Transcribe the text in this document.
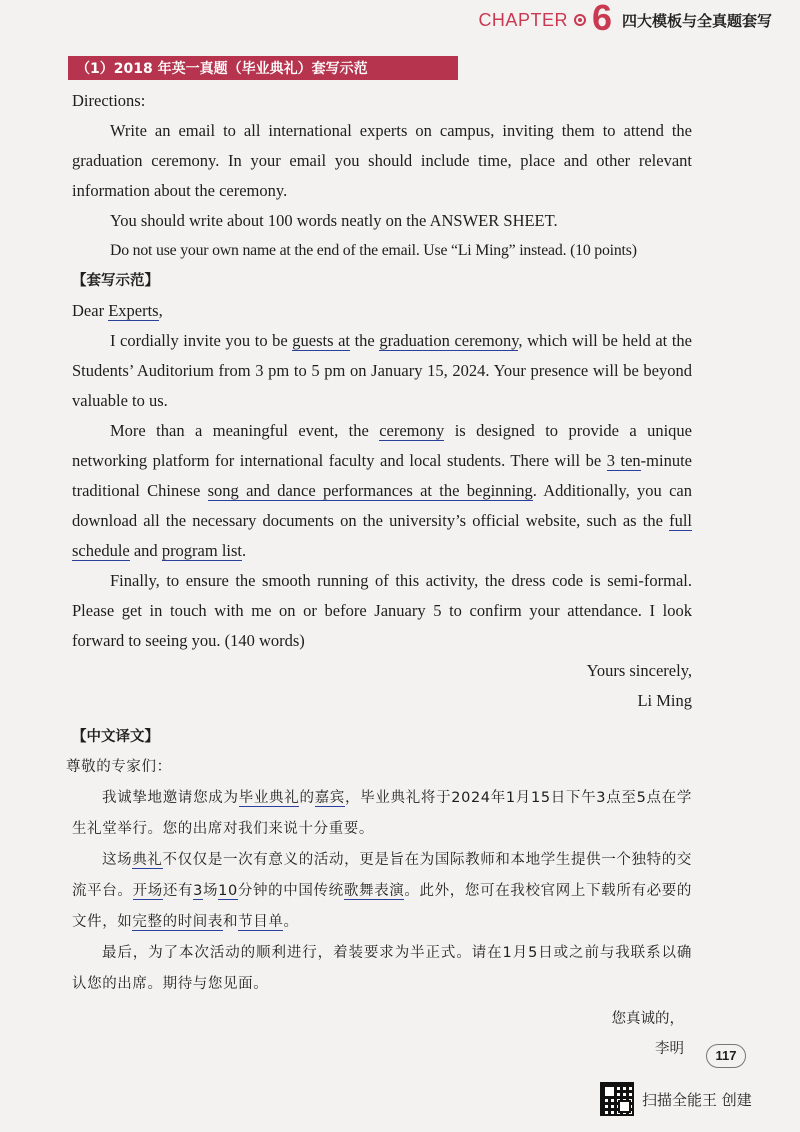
CHAPTER 6 四大模板与全真题套写
（1）2018 年英一真题（毕业典礼）套写示范

Directions:

Write an email to all international experts on campus, inviting them to attend the graduation ceremony. In your email you should include time, place and other relevant information about the ceremony.

You should write about 100 words neatly on the ANSWER SHEET.

Do not use your own name at the end of the email. Use “Li Ming” instead. (10 points)

【套写示范】

Dear Experts,

I cordially invite you to be guests at the graduation ceremony, which will be held at the Students’ Auditorium from 3 pm to 5 pm on January 15, 2024. Your presence will be beyond valuable to us.

More than a meaningful event, the ceremony is designed to provide a unique networking platform for international faculty and local students. There will be 3 ten-minute traditional Chinese song and dance performances at the beginning. Additionally, you can download all the necessary documents on the university’s official website, such as the full schedule and program list.

Finally, to ensure the smooth running of this activity, the dress code is semi-formal. Please get in touch with me on or before January 5 to confirm your attendance. I look forward to seeing you. (140 words)

Yours sincerely,

Li Ming

【中文译文】

尊敬的专家们：

我诚挚地邀请您成为毕业典礼的嘉宾，毕业典礼将于2024年1月15日下午3点至5点在学生礼堂举行。您的出席对我们来说十分重要。

这场典礼不仅仅是一次有意义的活动，更是旨在为国际教师和本地学生提供一个独特的交流平台。开场还有3场10分钟的中国传统歌舞表演。此外，您可在我校官网上下载所有必要的文件，如完整的时间表和节目单。

最后，为了本次活动的顺利进行，着装要求为半正式。请在1月5日或之前与我联系以确认您的出席。期待与您见面。

您真诚的，

李明	117
扫描全能王 创建
